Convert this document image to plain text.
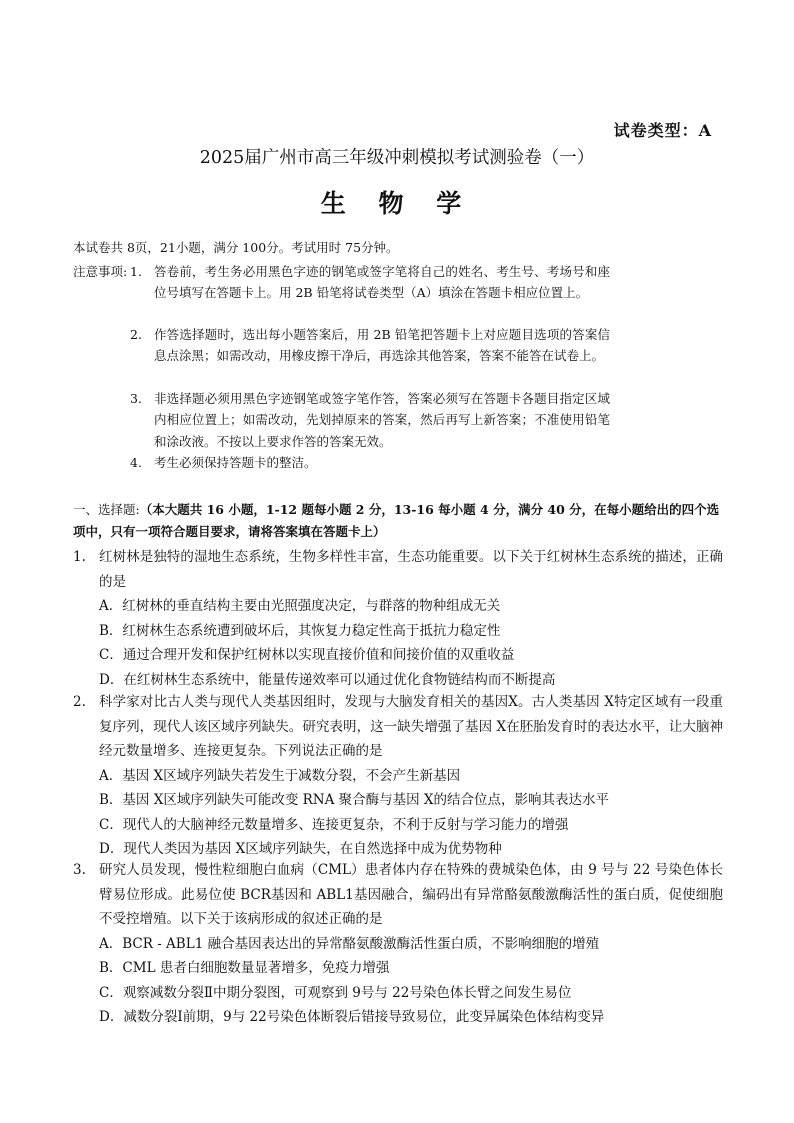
试卷类型：A
2025届广州市高三年级冲刺模拟考试测验卷（一）
生 物 学
本试卷共 8页，21小题，满分 100分。考试用时 75分钟。
注意事项: 1. 答卷前，考生务必用黑色字迹的钢笔或签字笔将自己的姓名、考生号、考场号和座位号填写在答题卡上。用 2B 铅笔将试卷类型（A）填涂在答题卡相应位置上。
2. 作答选择题时，选出每小题答案后，用 2B 铅笔把答题卡上对应题目选项的答案信息点涂黑；如需改动，用橡皮擦干净后，再选涂其他答案，答案不能答在试卷上。
3. 非选择题必须用黑色字迹钢笔或签字笔作答，答案必须写在答题卡各题目指定区域内相应位置上；如需改动，先划掉原来的答案，然后再写上新答案；不准使用铅笔和涂改液。不按以上要求作答的答案无效。
4. 考生必须保持答题卡的整洁。
一、选择题:（本大题共 16 小题，1-12 题每小题 2 分，13-16 每小题 4 分，满分 40 分，在每小题给出的四个选项中，只有一项符合题目要求，请将答案填在答题卡上）
1. 红树林是独特的湿地生态系统，生物多样性丰富，生态功能重要。以下关于红树林生态系统的描述，正确的是
A．红树林的垂直结构主要由光照强度决定，与群落的物种组成无关
B．红树林生态系统遭到破坏后，其恢复力稳定性高于抵抗力稳定性
C．通过合理开发和保护红树林以实现直接价值和间接价值的双重收益
D．在红树林生态系统中，能量传递效率可以通过优化食物链结构而不断提高
2. 科学家对比古人类与现代人类基因组时，发现与大脑发育相关的基因X。古人类基因 X特定区域有一段重复序列，现代人该区域序列缺失。研究表明，这一缺失增强了基因 X在胚胎发育时的表达水平，让大脑神经元数量增多、连接更复杂。下列说法正确的是
A．基因 X区域序列缺失若发生于减数分裂，不会产生新基因
B．基因 X区域序列缺失可能改变 RNA 聚合酶与基因 X的结合位点，影响其表达水平
C．现代人的大脑神经元数量增多、连接更复杂，不利于反射与学习能力的增强
D．现代人类因为基因 X区域序列缺失，在自然选择中成为优势物种
3. 研究人员发现，慢性粒细胞白血病（CML）患者体内存在特殊的费城染色体，由 9 号与 22 号染色体长臂易位形成。此易位使 BCR基因和 ABL1基因融合，编码出有异常酪氨酸激酶活性的蛋白质，促使细胞不受控增殖。以下关于该病形成的叙述正确的是
A．BCR - ABL1 融合基因表达出的异常酪氨酸激酶活性蛋白质，不影响细胞的增殖
B．CML 患者白细胞数量显著增多，免疫力增强
C．观察减数分裂Ⅱ中期分裂图，可观察到 9号与 22号染色体长臂之间发生易位
D．减数分裂Ⅰ前期，9与 22号染色体断裂后错接导致易位，此变异属染色体结构变异
